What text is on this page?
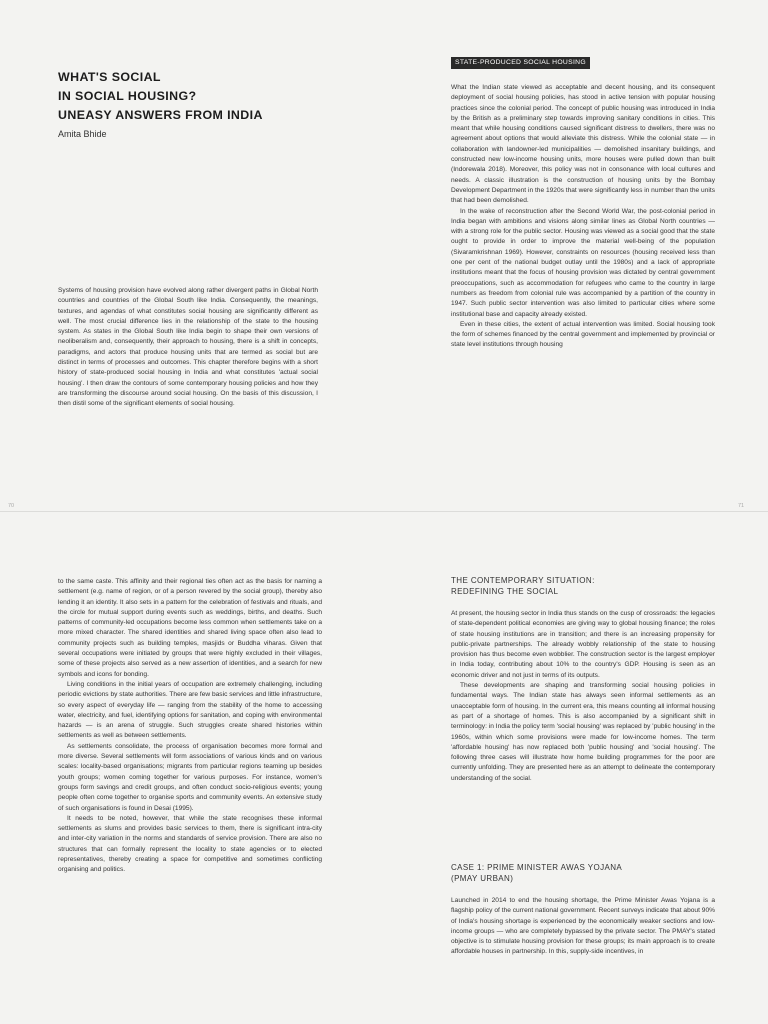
WHAT'S SOCIAL
IN SOCIAL HOUSING?
UNEASY ANSWERS FROM INDIA
Amita Bhide
Systems of housing provision have evolved along rather divergent paths in Global North countries and countries of the Global South like India. Consequently, the meanings, textures, and agendas of what constitutes social housing are significantly different as well. The most crucial difference lies in the relationship of the state to the housing system. As states in the Global South like India begin to shape their own versions of neoliberalism and, consequently, their approach to housing, there is a shift in concepts, paradigms, and actors that produce housing units that are termed as social but are distinct in terms of processes and outcomes. This chapter therefore begins with a short history of state-produced social housing in India and what constitutes 'actual social housing'. I then draw the contours of some contemporary housing policies and how they are transforming the discourse around social housing. On the basis of this discussion, I then distil some of the significant elements of social housing.
STATE-PRODUCED SOCIAL HOUSING

What the Indian state viewed as acceptable and decent housing, and its consequent deployment of social housing policies, has stood in active tension with popular housing practices since the colonial period. The concept of public housing was introduced in India by the British as a preliminary step towards improving sanitary conditions in cities. This meant that while housing conditions caused significant distress to dwellers, there was no agreement about options that would alleviate this distress. While the colonial state — in collaboration with landowner-led municipalities — demolished insanitary buildings, and constructed new low-income housing units, more houses were pulled down than built (Indorewala 2018). Moreover, this policy was not in consonance with local cultures and needs. A classic illustration is the construction of housing units by the Bombay Development Department in the 1920s that were significantly less in number than the units that had been demolished.

In the wake of reconstruction after the Second World War, the post-colonial period in India began with ambitions and visions along similar lines as Global North countries — with a strong role for the public sector. Housing was viewed as a social good that the state ought to provide in order to improve the material well-being of the population (Sivaramkrishnan 1969). However, constraints on resources (housing received less than one per cent of the national budget outlay until the 1980s) and a lack of appropriate institutions meant that the focus of housing provision was dictated by central government preoccupations, such as accommodation for refugees who came to the country in large numbers as freedom from colonial rule was accompanied by a partition of the country in 1947. Such public sector intervention was also limited to particular cities where some institutional base and capacity already existed.

Even in these cities, the extent of actual intervention was limited. Social housing took the form of schemes financed by the central government and implemented by provincial or state level institutions through housing

70	71

to the same caste. This affinity and their regional ties often act as the basis for naming a settlement (e.g. name of region, or of a person revered by the social group), thereby also lending it an identity. It also sets in a pattern for the celebration of festivals and rituals, and the circle for mutual support during events such as weddings, births, and deaths. Such patterns of community-led occupations become less common when settlements take on a more mixed character. The shared identities and shared living space often also lead to community projects such as building temples, masjids or Buddha viharas. Given that several occupations were initiated by groups that were highly excluded in their villages, some of these projects also served as a new assertion of identities, and a search for new symbols and icons for bonding.

Living conditions in the initial years of occupation are extremely challenging, including periodic evictions by state authorities. There are few basic services and little infrastructure, so every aspect of everyday life — ranging from the stability of the home to accessing water, electricity, and fuel, identifying options for sanitation, and coping with environmental hazards — is an arena of struggle. Such struggles create shared histories within settlements as well as between settlements.

As settlements consolidate, the process of organisation becomes more formal and more diverse. Several settlements will form associations of various kinds and on various scales: locality-based organisations; migrants from particular regions teaming up besides youth groups; women coming together for various purposes. For instance, women's groups form savings and credit groups, and often conduct socio-religious events; young people often come together to organise sports and community events. An extensive study of such organisations is found in Desai (1995).

It needs to be noted, however, that while the state recognises these informal settlements as slums and provides basic services to them, there is significant intra-city and inter-city variation in the norms and standards of service provision. There are also no structures that can formally represent the locality to state agencies or to elected representatives, thereby creating a space for competitive and sometimes conflicting organising and politics.

THE CONTEMPORARY SITUATION:
REDEFINING THE SOCIAL

At present, the housing sector in India thus stands on the cusp of crossroads: the legacies of state-dependent political economies are giving way to global housing finance; the roles of state housing institutions are in transition; and there is an increasing propensity for public-private partnerships. The already wobbly relationship of the state to housing provision has thus become even wobblier. The construction sector is the largest employer in India today, contributing about 10% to the country's GDP. Housing is seen as an economic driver and not just in terms of its outputs.

These developments are shaping and transforming social housing policies in fundamental ways. The Indian state has always seen informal settlements as an unacceptable form of housing. In the current era, this means counting all informal housing as part of a shortage of homes. This is also accompanied by a significant shift in terminology: in India the policy term 'social housing' was replaced by 'public housing' in the 1960s, within which some provisions were made for low-income homes. The term 'affordable housing' has now replaced both 'public housing' and 'social housing'. The following three cases will illustrate how home building programmes for the poor are currently unfolding. They are presented here as an attempt to delineate the contemporary understanding of the social.

CASE 1: PRIME MINISTER AWAS YOJANA
(PMAY URBAN)

Launched in 2014 to end the housing shortage, the Prime Minister Awas Yojana is a flagship policy of the current national government. Recent surveys indicate that about 90% of India's housing shortage is experienced by the economically weaker sections and low-income groups — who are completely bypassed by the private sector. The PMAY's stated objective is to stimulate housing provision for these groups; its main approach is to create affordable houses in partnership. In this, supply-side incentives, in
